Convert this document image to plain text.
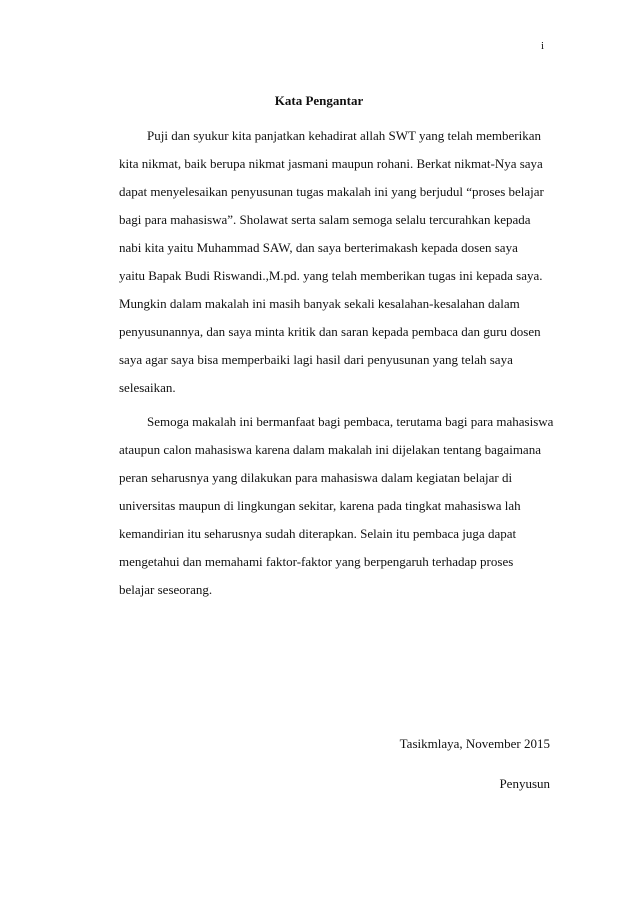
i
Kata Pengantar
Puji dan syukur kita panjatkan kehadirat allah SWT yang telah memberikan
kita nikmat, baik berupa nikmat jasmani maupun rohani. Berkat nikmat-Nya saya
dapat menyelesaikan penyusunan tugas makalah ini yang berjudul “proses belajar
bagi para mahasiswa”. Sholawat serta salam semoga selalu tercurahkan kepada
nabi kita yaitu Muhammad SAW, dan saya berterimakash kepada dosen saya
yaitu Bapak Budi Riswandi.,M.pd. yang telah memberikan tugas ini kepada saya.
Mungkin dalam makalah ini masih banyak sekali kesalahan-kesalahan dalam
penyusunannya, dan saya minta kritik dan saran kepada pembaca dan guru dosen
saya agar saya bisa memperbaiki lagi hasil dari penyusunan yang telah saya
selesaikan.
Semoga makalah ini bermanfaat bagi pembaca, terutama bagi para mahasiswa
ataupun calon mahasiswa karena dalam makalah ini dijelakan tentang bagaimana
peran seharusnya yang dilakukan para mahasiswa dalam kegiatan belajar di
universitas maupun di lingkungan sekitar, karena pada tingkat mahasiswa lah
kemandirian itu seharusnya sudah diterapkan. Selain itu pembaca juga dapat
mengetahui dan memahami faktor-faktor yang berpengaruh terhadap proses
belajar seseorang.
Tasikmlaya, November 2015
Penyusun
